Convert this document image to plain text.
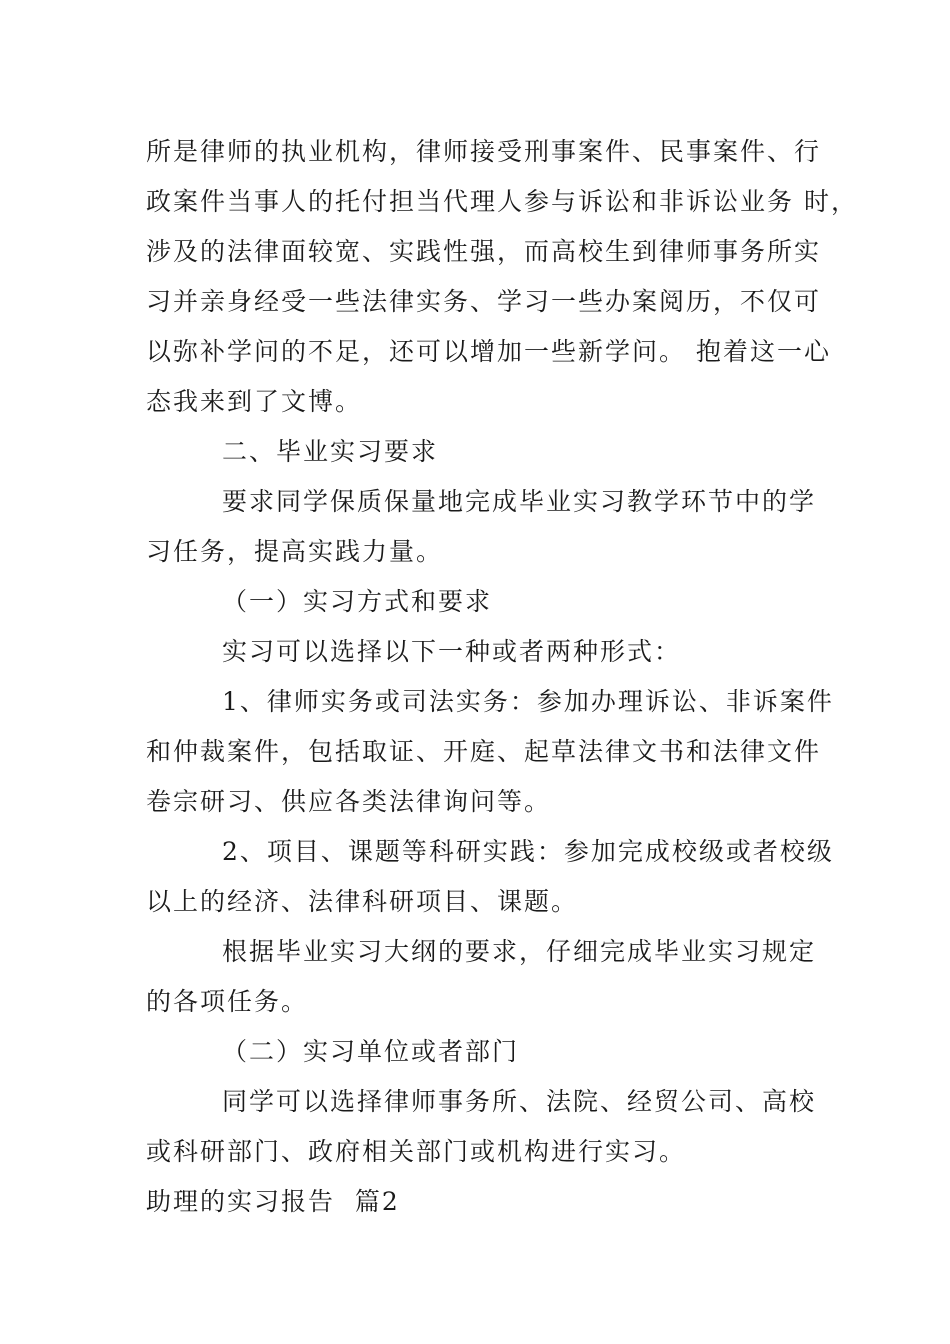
所是律师的执业机构，律师接受刑事案件、民事案件、行
政案件当事人的托付担当代理人参与诉讼和非诉讼业务 时，
涉及的法律面较宽、实践性强，而高校生到律师事务所实
习并亲身经受一些法律实务、学习一些办案阅历，不仅可
以弥补学问的不足，还可以增加一些新学问。 抱着这一心
态我来到了文博。
二、毕业实习要求
要求同学保质保量地完成毕业实习教学环节中的学
习任务，提高实践力量。
（一）实习方式和要求
实习可以选择以下一种或者两种形式：
1、律师实务或司法实务：参加办理诉讼、非诉案件
和仲裁案件，包括取证、开庭、起草法律文书和法律文件
卷宗研习、供应各类法律询问等。
2、项目、课题等科研实践：参加完成校级或者校级
以上的经济、法律科研项目、课题。
根据毕业实习大纲的要求，仔细完成毕业实习规定
的各项任务。
（二）实习单位或者部门
同学可以选择律师事务所、法院、经贸公司、高校
或科研部门、政府相关部门或机构进行实习。
助理的实习报告  篇2
